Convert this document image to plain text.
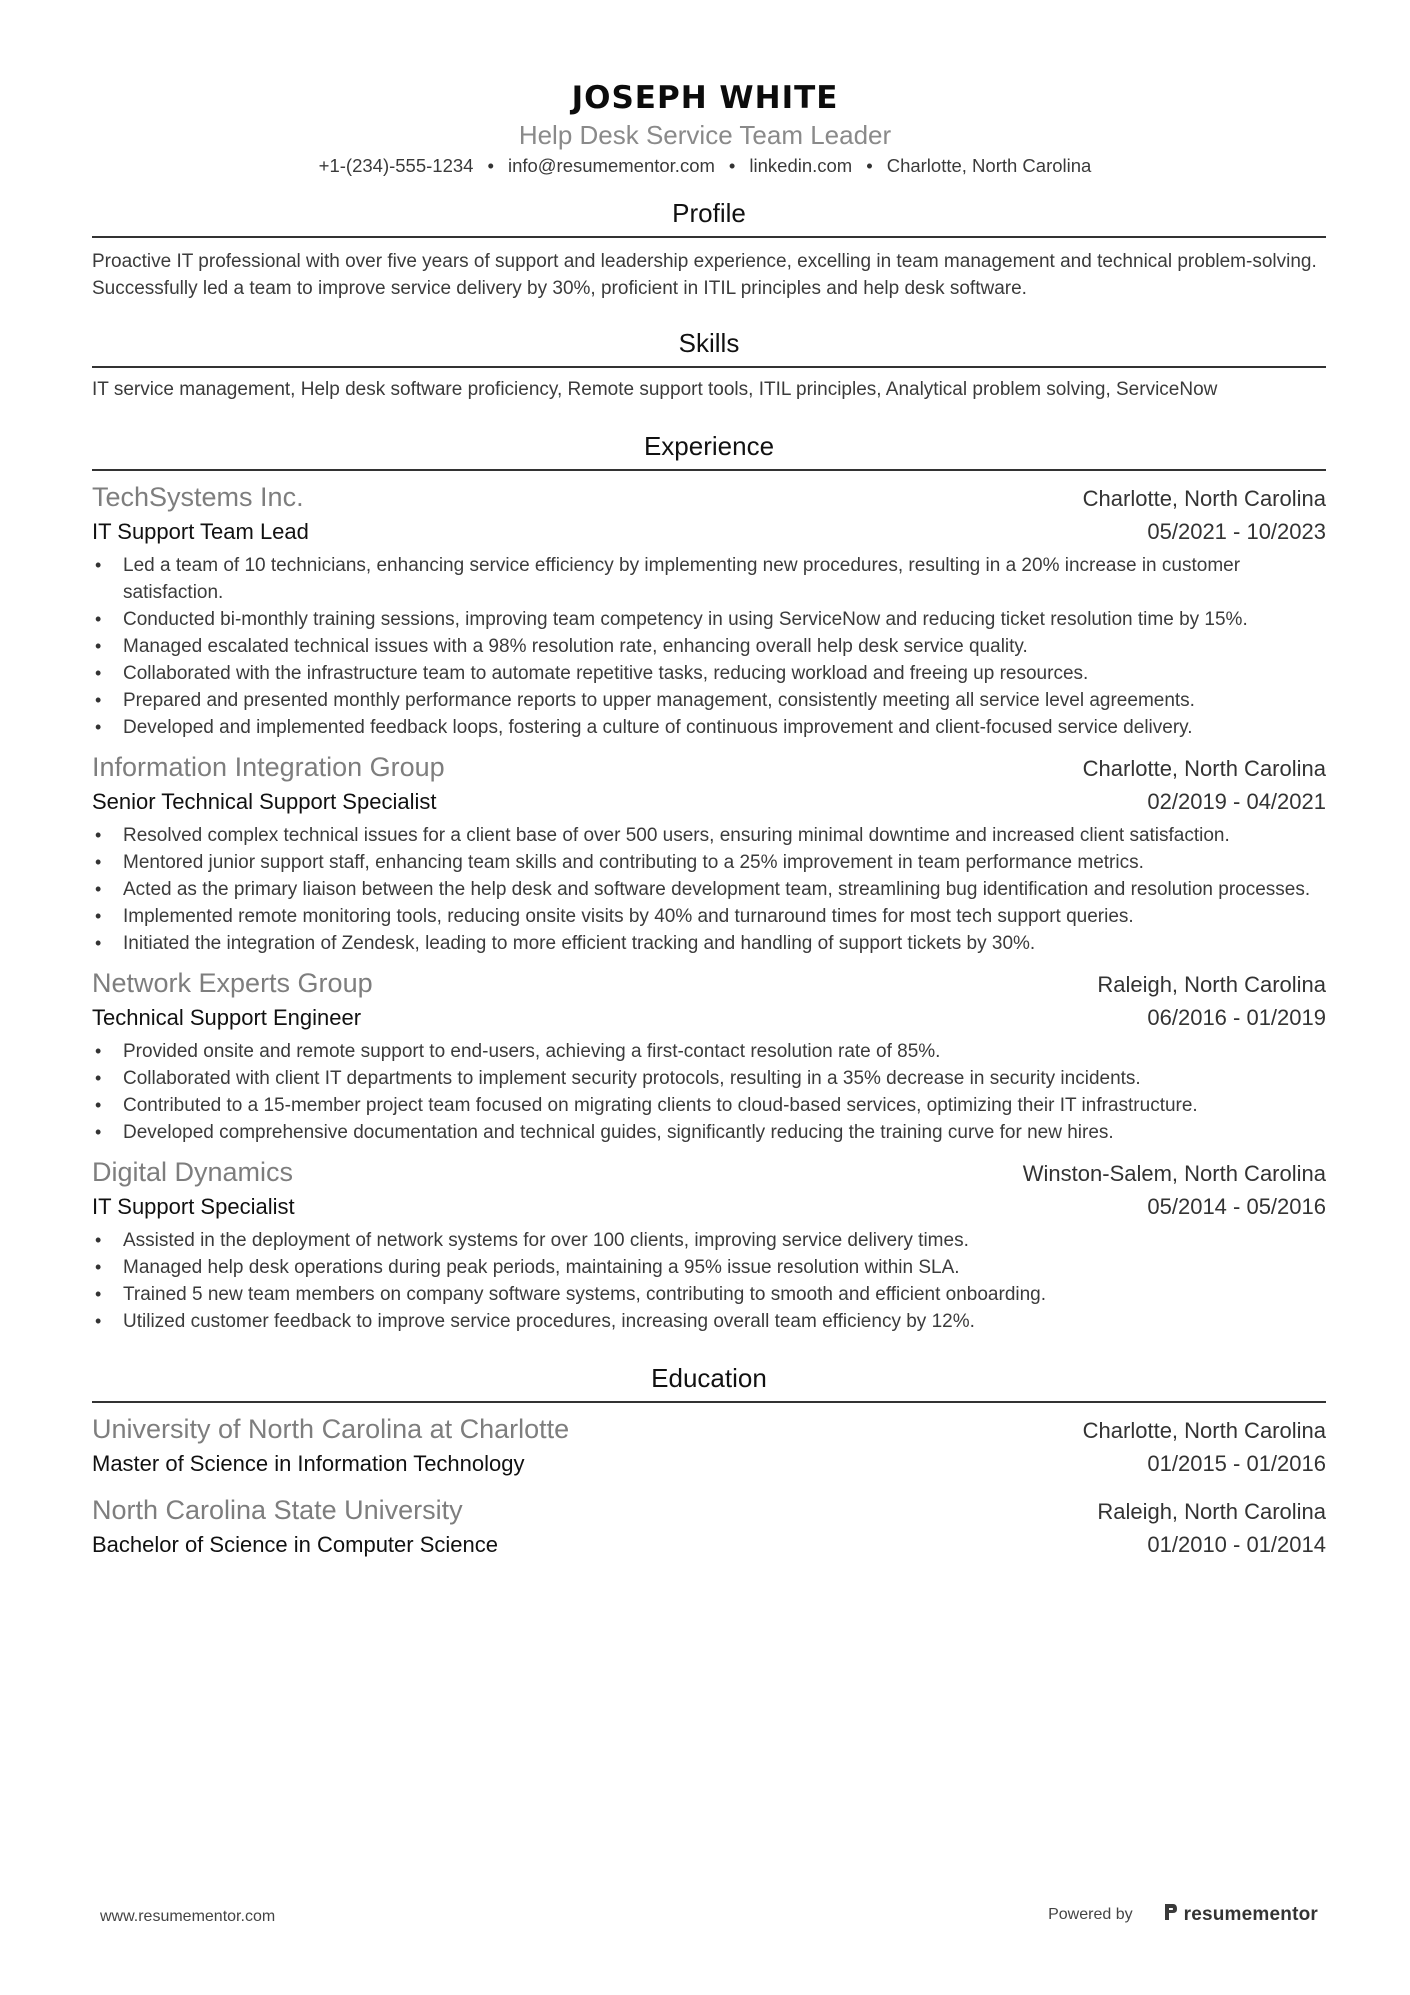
JOSEPH WHITE
Help Desk Service Team Leader
+1-(234)-555-1234 • info@resumementor.com • linkedin.com • Charlotte, North Carolina
Profile
Proactive IT professional with over five years of support and leadership experience, excelling in team management and technical problem-solving. Successfully led a team to improve service delivery by 30%, proficient in ITIL principles and help desk software.
Skills
IT service management, Help desk software proficiency, Remote support tools, ITIL principles, Analytical problem solving, ServiceNow
Experience
TechSystems Inc.	Charlotte, North Carolina
IT Support Team Lead	05/2021 - 10/2023
• Led a team of 10 technicians, enhancing service efficiency by implementing new procedures, resulting in a 20% increase in customer satisfaction.
• Conducted bi-monthly training sessions, improving team competency in using ServiceNow and reducing ticket resolution time by 15%.
• Managed escalated technical issues with a 98% resolution rate, enhancing overall help desk service quality.
• Collaborated with the infrastructure team to automate repetitive tasks, reducing workload and freeing up resources.
• Prepared and presented monthly performance reports to upper management, consistently meeting all service level agreements.
• Developed and implemented feedback loops, fostering a culture of continuous improvement and client-focused service delivery.
Information Integration Group	Charlotte, North Carolina
Senior Technical Support Specialist	02/2019 - 04/2021
• Resolved complex technical issues for a client base of over 500 users, ensuring minimal downtime and increased client satisfaction.
• Mentored junior support staff, enhancing team skills and contributing to a 25% improvement in team performance metrics.
• Acted as the primary liaison between the help desk and software development team, streamlining bug identification and resolution processes.
• Implemented remote monitoring tools, reducing onsite visits by 40% and turnaround times for most tech support queries.
• Initiated the integration of Zendesk, leading to more efficient tracking and handling of support tickets by 30%.
Network Experts Group	Raleigh, North Carolina
Technical Support Engineer	06/2016 - 01/2019
• Provided onsite and remote support to end-users, achieving a first-contact resolution rate of 85%.
• Collaborated with client IT departments to implement security protocols, resulting in a 35% decrease in security incidents.
• Contributed to a 15-member project team focused on migrating clients to cloud-based services, optimizing their IT infrastructure.
• Developed comprehensive documentation and technical guides, significantly reducing the training curve for new hires.
Digital Dynamics	Winston-Salem, North Carolina
IT Support Specialist	05/2014 - 05/2016
• Assisted in the deployment of network systems for over 100 clients, improving service delivery times.
• Managed help desk operations during peak periods, maintaining a 95% issue resolution within SLA.
• Trained 5 new team members on company software systems, contributing to smooth and efficient onboarding.
• Utilized customer feedback to improve service procedures, increasing overall team efficiency by 12%.
Education
University of North Carolina at Charlotte	Charlotte, North Carolina
Master of Science in Information Technology	01/2015 - 01/2016
North Carolina State University	Raleigh, North Carolina
Bachelor of Science in Computer Science	01/2010 - 01/2014
www.resumementor.com	Powered by	resumementor
